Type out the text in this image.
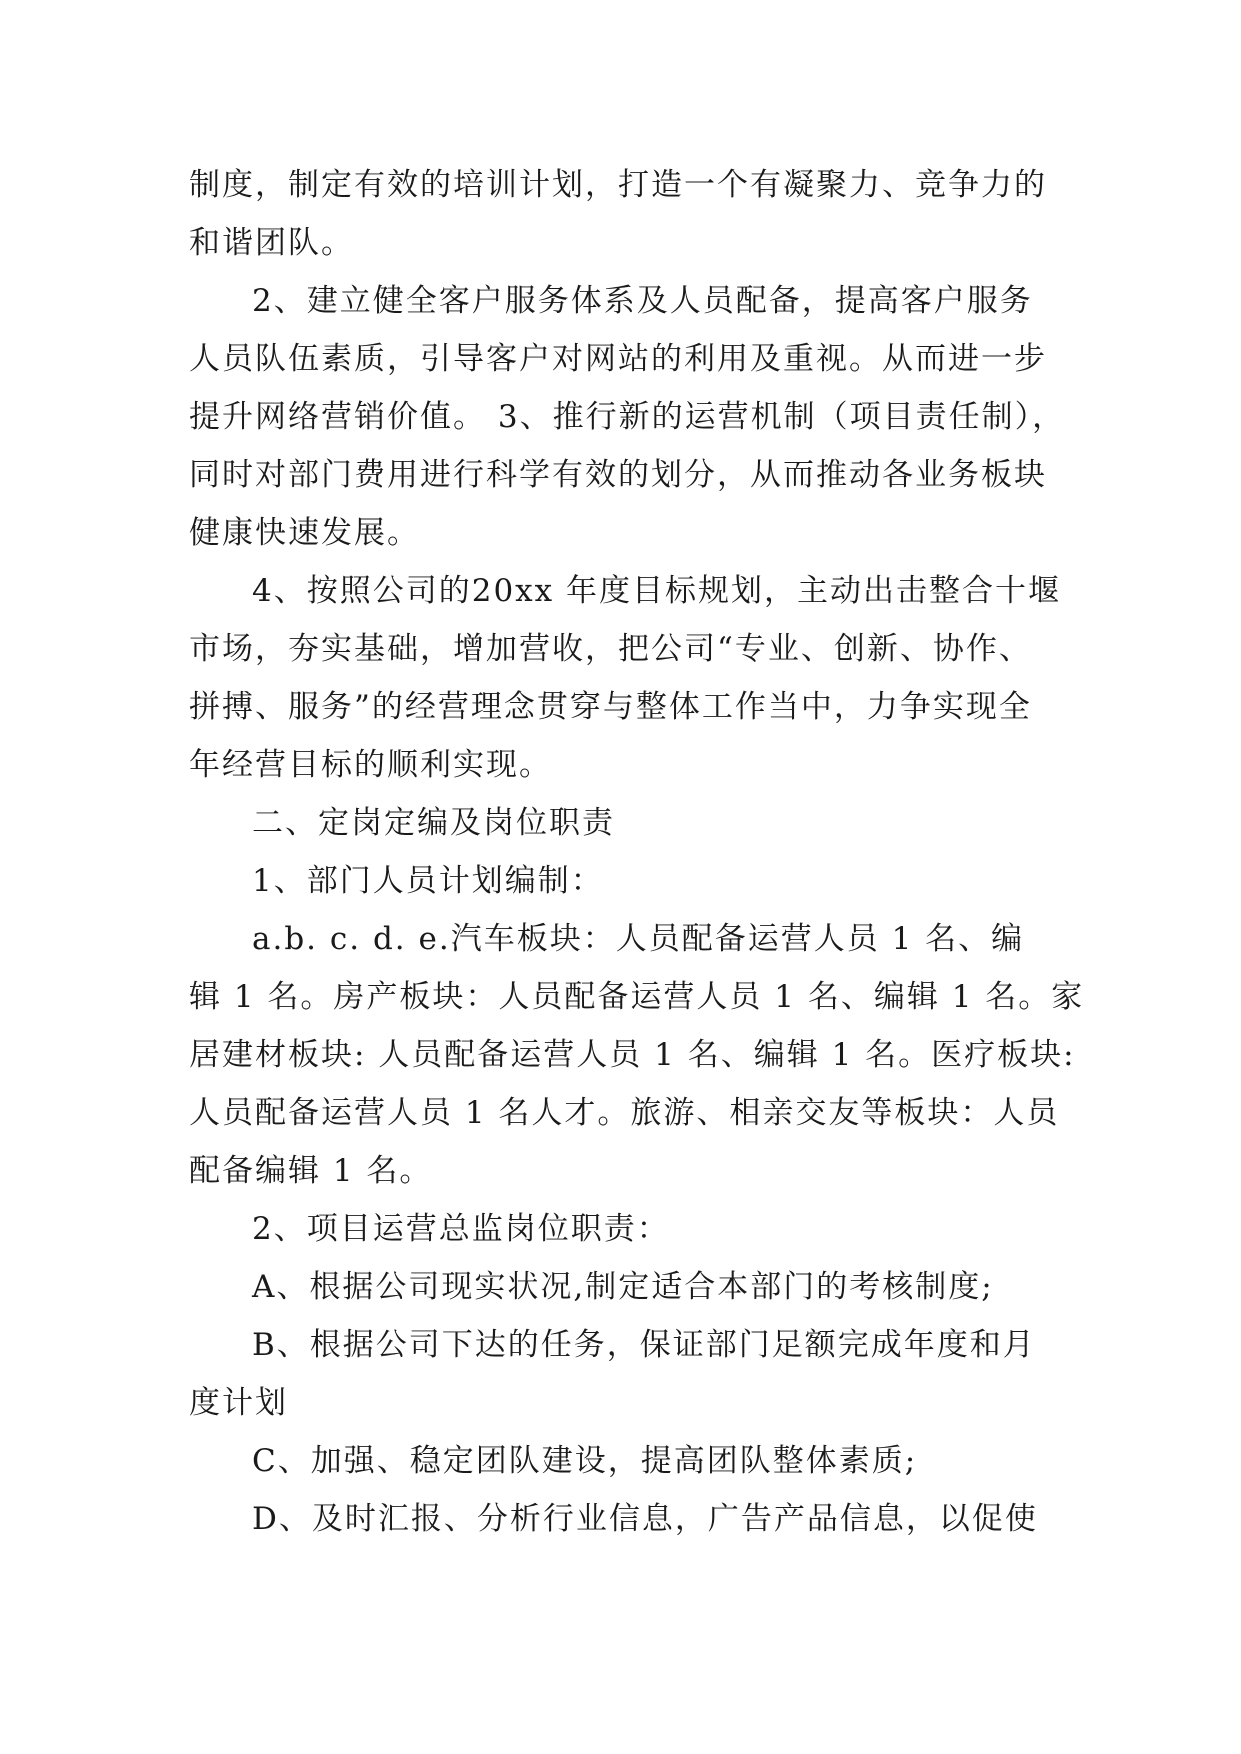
制度，制定有效的培训计划，打造一个有凝聚力、竞争力的
和谐团队。
2、建立健全客户服务体系及人员配备，提高客户服务
人员队伍素质，引导客户对网站的利用及重视。从而进一步
提升网络营销价值。 3、推行新的运营机制（项目责任制），
同时对部门费用进行科学有效的划分，从而推动各业务板块
健康快速发展。
4、按照公司的20xx 年度目标规划，主动出击整合十堰
市场，夯实基础，增加营收，把公司“专业、创新、协作、
拼搏、服务”的经营理念贯穿与整体工作当中，力争实现全
年经营目标的顺利实现。
二、定岗定编及岗位职责
1、部门人员计划编制：
a.b. c. d. e.汽车板块：人员配备运营人员 1 名、编
辑 1 名。房产板块：人员配备运营人员 1 名、编辑 1 名。家
居建材板块: 人员配备运营人员 1 名、编辑 1 名。医疗板块:
人员配备运营人员 1 名人才。旅游、相亲交友等板块：人员
配备编辑 1 名。
2、项目运营总监岗位职责：
A、根据公司现实状况,制定适合本部门的考核制度;
B、根据公司下达的任务，保证部门足额完成年度和月
度计划
C、加强、稳定团队建设，提高团队整体素质;
D、及时汇报、分析行业信息，广告产品信息，以促使
